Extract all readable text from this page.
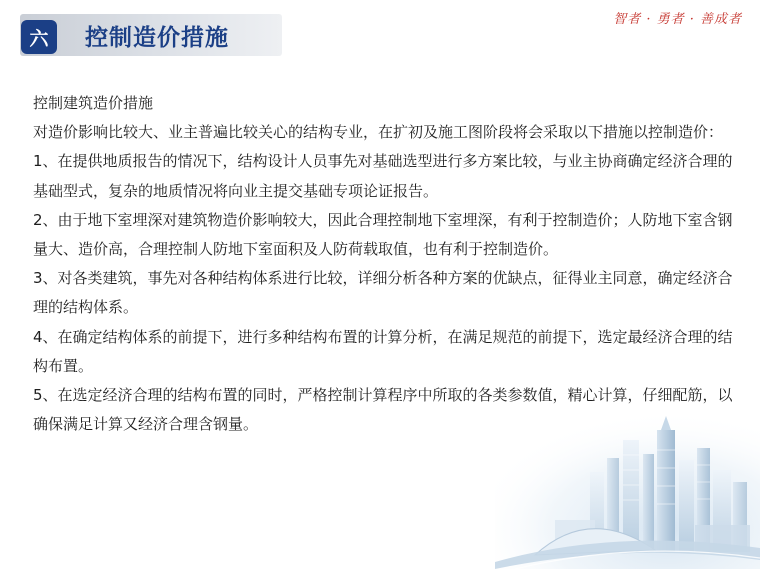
六	控制造价措施
智者 · 勇者 · 善成者

控制建筑造价措施

对造价影响比较大、业主普遍比较关心的结构专业，在扩初及施工图阶段将会采取以下措施以控制造价：

1、在提供地质报告的情况下，结构设计人员事先对基础选型进行多方案比较，与业主协商确定经济合理的基础型式，复杂的地质情况将向业主提交基础专项论证报告。

2、由于地下室埋深对建筑物造价影响较大，因此合理控制地下室埋深，有利于控制造价；人防地下室含钢量大、造价高，合理控制人防地下室面积及人防荷载取值，也有利于控制造价。

3、对各类建筑，事先对各种结构体系进行比较，详细分析各种方案的优缺点，征得业主同意，确定经济合理的结构体系。

4、在确定结构体系的前提下，进行多种结构布置的计算分析，在满足规范的前提下，选定最经济合理的结构布置。

5、在选定经济合理的结构布置的同时，严格控制计算程序中所取的各类参数值，精心计算，仔细配筋，以确保满足计算又经济合理含钢量。
